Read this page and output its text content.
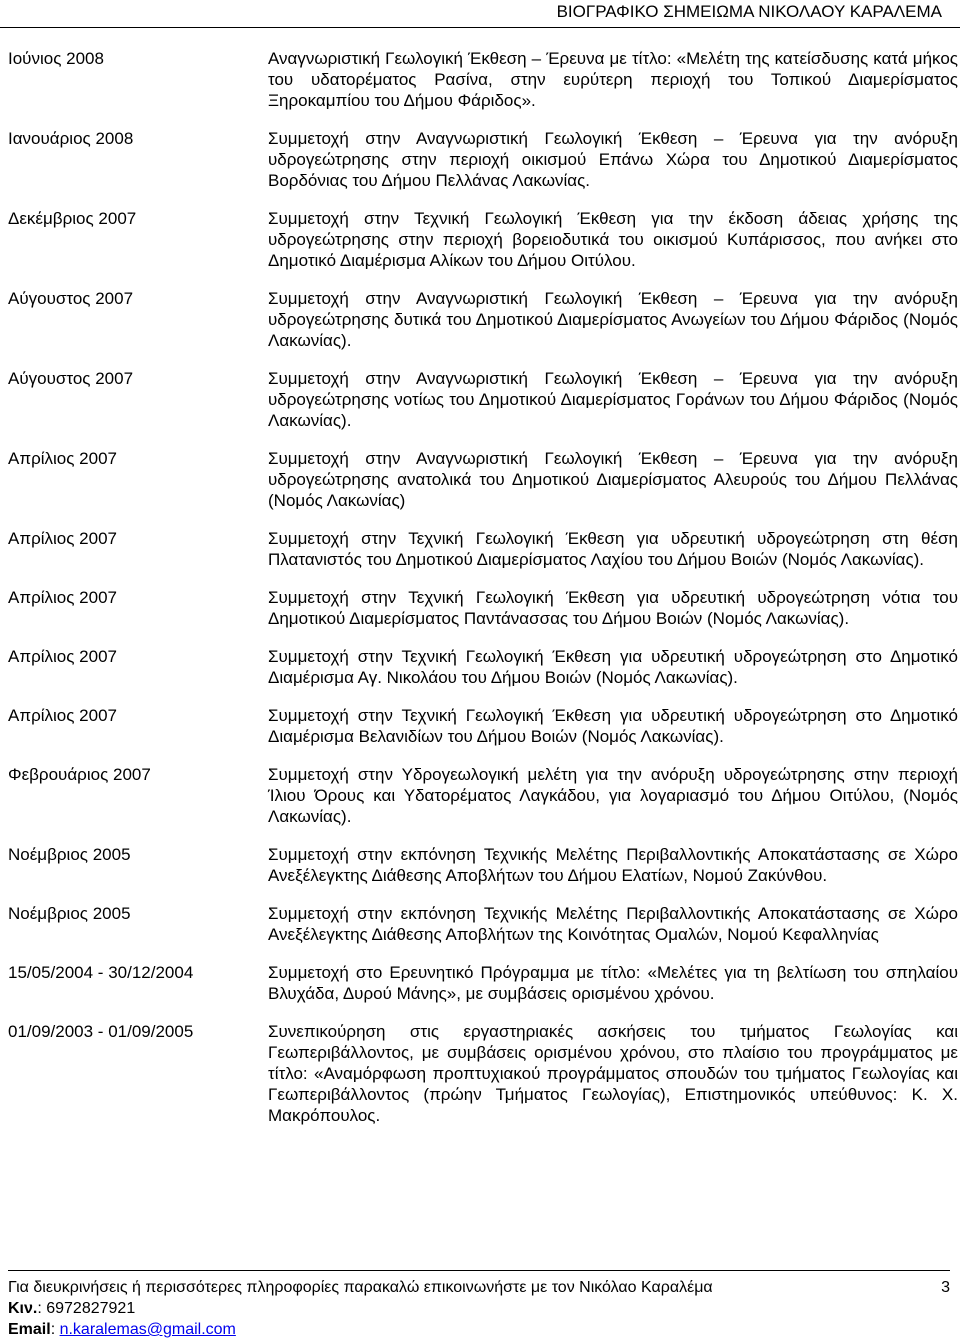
ΒΙΟΓΡΑΦΙΚΟ ΣΗΜΕΙΩΜΑ ΝΙΚΟΛΑΟΥ ΚΑΡΑΛΕΜΑ
Ιούνιος 2008	Αναγνωριστική Γεωλογική Έκθεση – Έρευνα με τίτλο: «Μελέτη της κατείσδυσης κατά μήκος του υδατορέματος Ρασίνα, στην ευρύτερη περιοχή του Τοπικού Διαμερίσματος Ξηροκαμπίου του Δήμου Φάριδος».
Ιανουάριος 2008	Συμμετοχή στην Αναγνωριστική Γεωλογική Έκθεση – Έρευνα για την ανόρυξη υδρογεώτρησης στην περιοχή οικισμού Επάνω Χώρα του Δημοτικού Διαμερίσματος Βορδόνιας του Δήμου Πελλάνας Λακωνίας.
Δεκέμβριος 2007	Συμμετοχή στην Τεχνική Γεωλογική Έκθεση για την έκδοση άδειας χρήσης της υδρογεώτρησης στην περιοχή βορειοδυτικά του οικισμού Κυπάρισσος, που ανήκει στο Δημοτικό Διαμέρισμα Αλίκων του Δήμου Οιτύλου.
Αύγουστος 2007	Συμμετοχή στην Αναγνωριστική Γεωλογική Έκθεση – Έρευνα για την ανόρυξη υδρογεώτρησης δυτικά του Δημοτικού Διαμερίσματος Ανωγείων του Δήμου Φάριδος (Νομός Λακωνίας).
Αύγουστος 2007	Συμμετοχή στην Αναγνωριστική Γεωλογική Έκθεση – Έρευνα για την ανόρυξη υδρογεώτρησης νοτίως του Δημοτικού Διαμερίσματος Γοράνων του Δήμου Φάριδος (Νομός Λακωνίας).
Απρίλιος 2007	Συμμετοχή στην Αναγνωριστική Γεωλογική Έκθεση – Έρευνα για την ανόρυξη υδρογεώτρησης ανατολικά του Δημοτικού Διαμερίσματος Αλευρούς του Δήμου Πελλάνας (Νομός Λακωνίας)
Απρίλιος 2007	Συμμετοχή στην Τεχνική Γεωλογική Έκθεση για υδρευτική υδρογεώτρηση στη θέση Πλατανιστός του Δημοτικού Διαμερίσματος Λαχίου του Δήμου Βοιών (Νομός Λακωνίας).
Απρίλιος 2007	Συμμετοχή στην Τεχνική Γεωλογική Έκθεση για υδρευτική υδρογεώτρηση νότια του Δημοτικού Διαμερίσματος Παντάνασσας του Δήμου Βοιών (Νομός Λακωνίας).
Απρίλιος 2007	Συμμετοχή στην Τεχνική Γεωλογική Έκθεση για υδρευτική υδρογεώτρηση στο Δημοτικό Διαμέρισμα Αγ. Νικολάου του Δήμου Βοιών (Νομός Λακωνίας).
Απρίλιος 2007	Συμμετοχή στην Τεχνική Γεωλογική Έκθεση για υδρευτική υδρογεώτρηση στο Δημοτικό Διαμέρισμα Βελανιδίων του Δήμου Βοιών (Νομός Λακωνίας).
Φεβρουάριος 2007	Συμμετοχή στην Υδρογεωλογική μελέτη για την ανόρυξη υδρογεώτρησης στην περιοχή Ίλιου Όρους και Υδατορέματος Λαγκάδου, για λογαριασμό του Δήμου Οιτύλου, (Νομός Λακωνίας).
Νοέμβριος 2005	Συμμετοχή στην εκπόνηση Τεχνικής Μελέτης Περιβαλλοντικής Αποκατάστασης σε Χώρο Ανεξέλεγκτης Διάθεσης Αποβλήτων του Δήμου Ελατίων, Νομού Ζακύνθου.
Νοέμβριος 2005	Συμμετοχή στην εκπόνηση Τεχνικής Μελέτης Περιβαλλοντικής Αποκατάστασης σε Χώρο Ανεξέλεγκτης Διάθεσης Αποβλήτων της Κοινότητας Ομαλών, Νομού Κεφαλληνίας
15/05/2004 - 30/12/2004	Συμμετοχή στο Ερευνητικό Πρόγραμμα με τίτλο: «Μελέτες για τη βελτίωση του σπηλαίου Βλυχάδα, Δυρού Μάνης», με συμβάσεις ορισμένου χρόνου.
01/09/2003 - 01/09/2005	Συνεπικούρηση στις εργαστηριακές ασκήσεις του τμήματος Γεωλογίας και Γεωπεριβάλλοντος, με συμβάσεις ορισμένου χρόνου, στο πλαίσιο του προγράμματος με τίτλο: «Αναμόρφωση προπτυχιακού προγράμματος σπουδών του τμήματος Γεωλογίας και Γεωπεριβάλλοντος (πρώην Τμήματος Γεωλογίας), Επιστημονικός υπεύθυνος: Κ. Χ. Μακρόπουλος.
Για διευκρινήσεις ή περισσότερες πληροφορίες παρακαλώ επικοινωνήστε με τον Νικόλαο Καραλέμα	3
Κιν.: 6972827921
Email: n.karalemas@gmail.com
